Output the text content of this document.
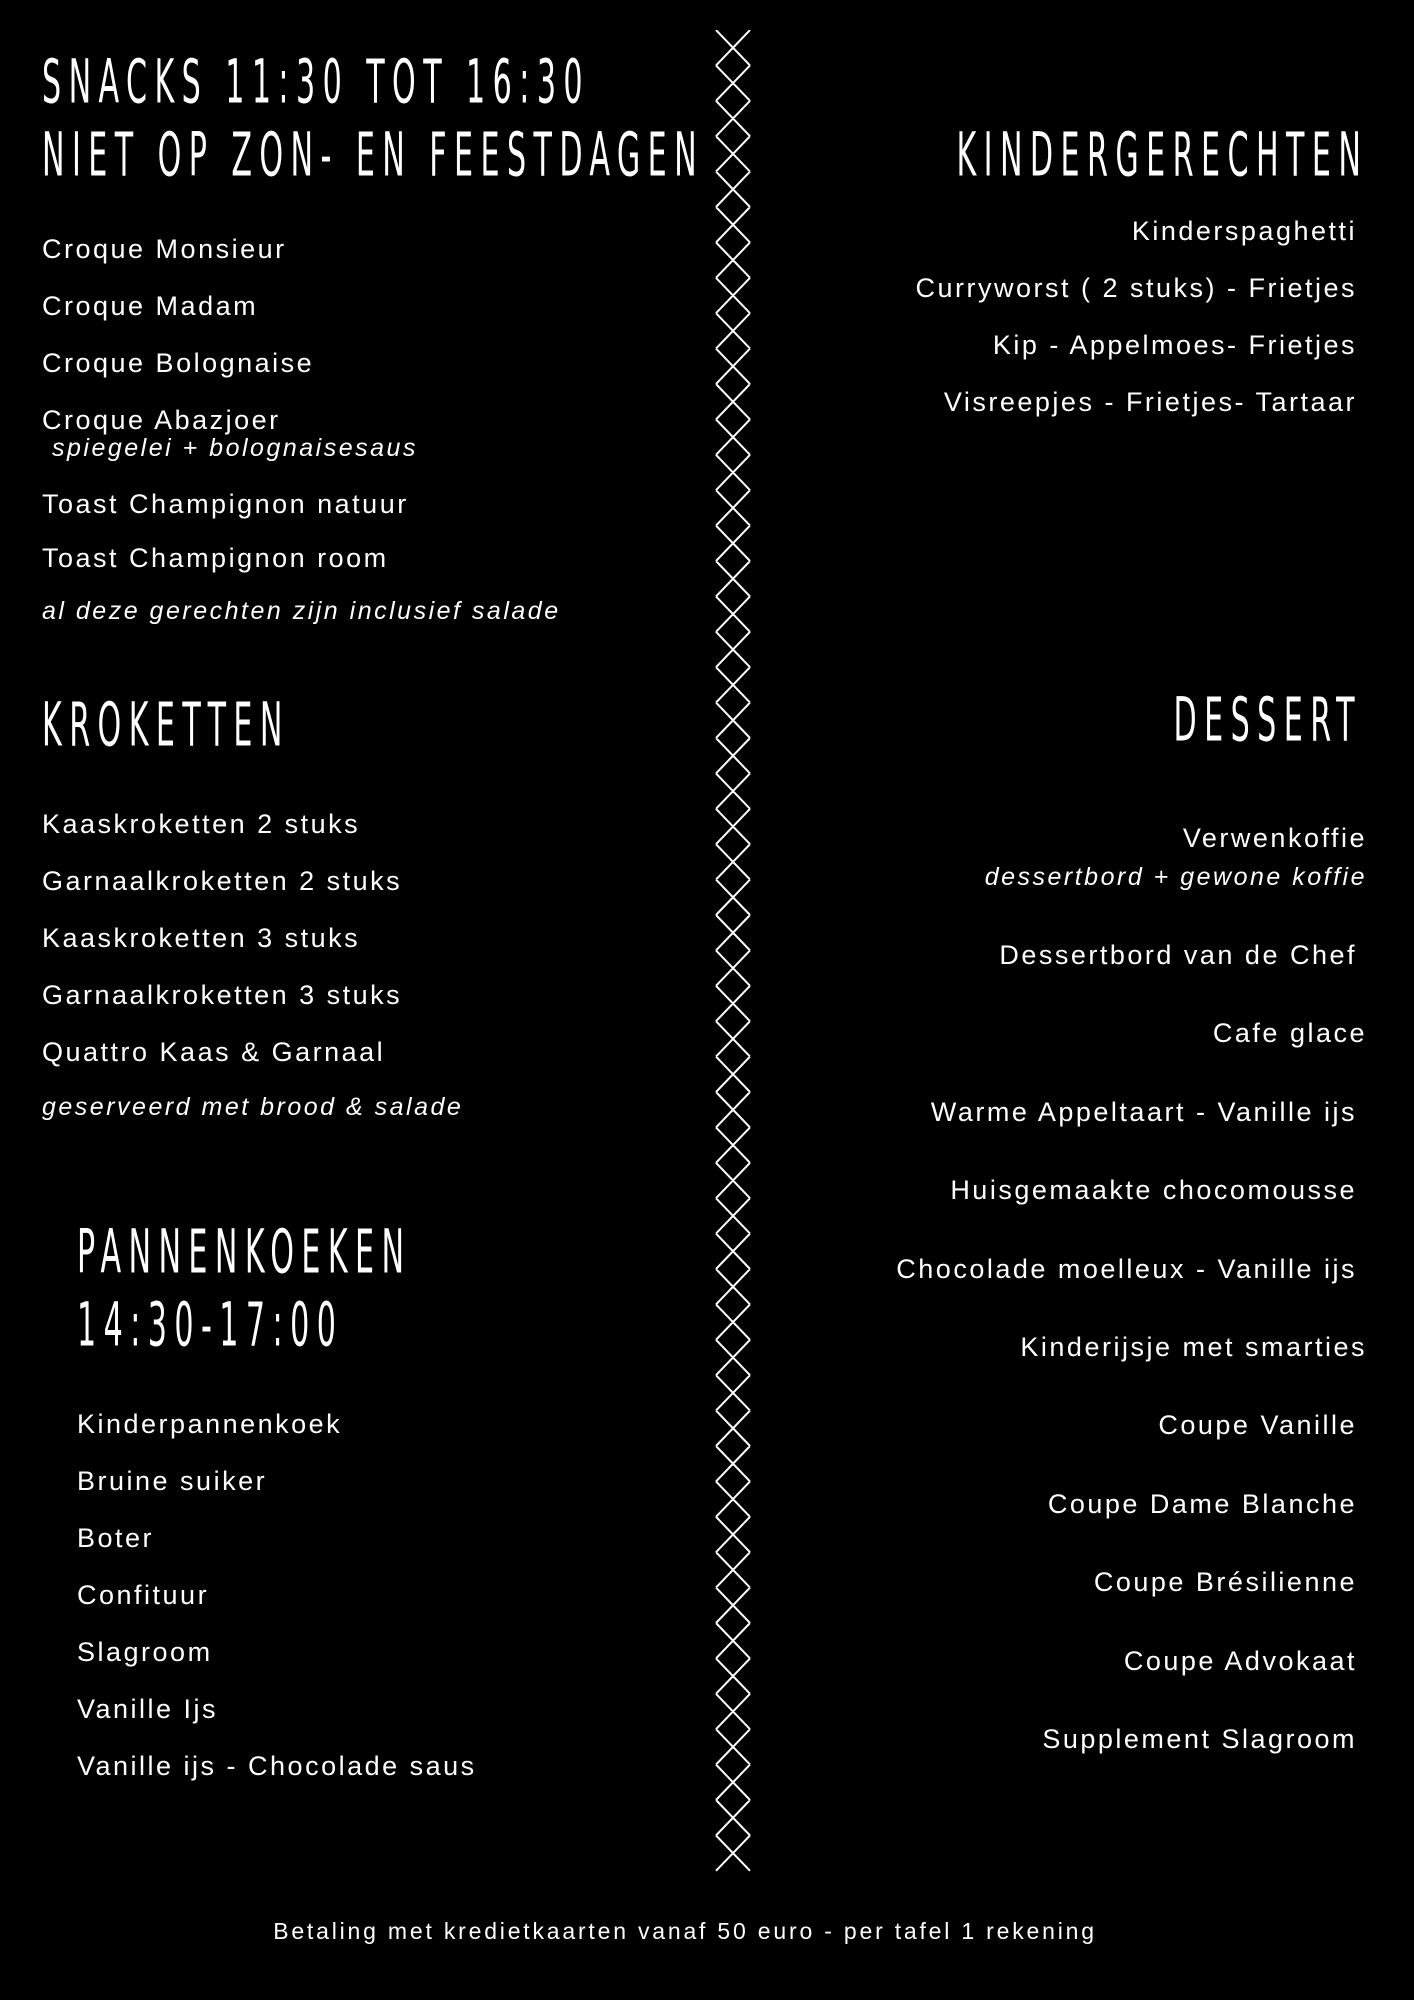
SNACKS 11:30 TOT 16:30
NIET OP ZON- EN FEESTDAGEN
Croque Monsieur
Croque Madam
Croque Bolognaise
Croque Abazjoer
spiegelei + bolognaisesaus
Toast Champignon natuur
Toast Champignon room
al deze gerechten zijn inclusief salade
KROKETTEN
Kaaskroketten 2 stuks
Garnaalkroketten 2 stuks
Kaaskroketten 3 stuks
Garnaalkroketten 3 stuks
Quattro Kaas & Garnaal
geserveerd met brood & salade
PANNENKOEKEN
14:30-17:00
Kinderpannenkoek
Bruine suiker
Boter
Confituur
Slagroom
Vanille Ijs
Vanille ijs - Chocolade saus
KINDERGERECHTEN
Kinderspaghetti
Curryworst ( 2 stuks) - Frietjes
Kip - Appelmoes- Frietjes
Visreepjes - Frietjes- Tartaar
DESSERT
Verwenkoffie
dessertbord + gewone koffie
Dessertbord van de Chef
Cafe glace
Warme Appeltaart - Vanille ijs
Huisgemaakte chocomousse
Chocolade moelleux - Vanille ijs
Kinderijsje met smarties
Coupe Vanille
Coupe Dame Blanche
Coupe Brésilienne
Coupe Advokaat
Supplement Slagroom
Betaling met kredietkaarten vanaf 50 euro - per tafel 1 rekening
